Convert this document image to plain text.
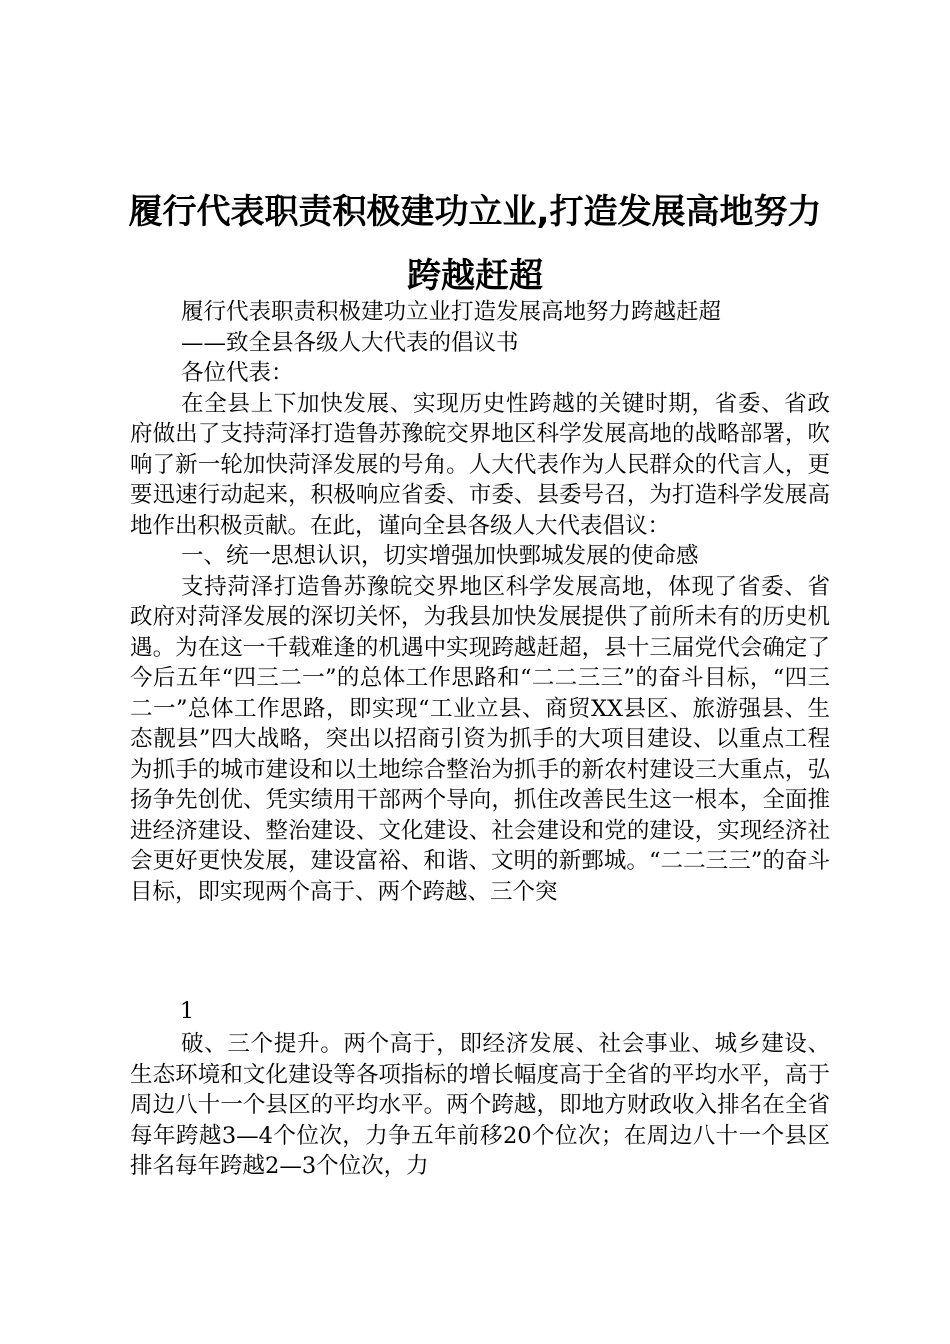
履行代表职责积极建功立业,打造发展高地努力跨越赶超
履行代表职责积极建功立业打造发展高地努力跨越赶超
——致全县各级人大代表的倡议书
各位代表：

在全县上下加快发展、实现历史性跨越的关键时期，省委、省政府做出了支持菏泽打造鲁苏豫皖交界地区科学发展高地的战略部署，吹响了新一轮加快菏泽发展的号角。人大代表作为人民群众的代言人，更要迅速行动起来，积极响应省委、市委、县委号召，为打造科学发展高地作出积极贡献。在此，谨向全县各级人大代表倡议：

一、统一思想认识，切实增强加快鄄城发展的使命感

支持菏泽打造鲁苏豫皖交界地区科学发展高地，体现了省委、省政府对菏泽发展的深切关怀，为我县加快发展提供了前所未有的历史机遇。为在这一千载难逢的机遇中实现跨越赶超，县十三届党代会确定了今后五年“四三二一”的总体工作思路和“二二三三”的奋斗目标，“四三二一”总体工作思路，即实现“工业立县、商贸XX县区、旅游强县、生态靓县”四大战略，突出以招商引资为抓手的大项目建设、以重点工程为抓手的城市建设和以土地综合整治为抓手的新农村建设三大重点，弘扬争先创优、凭实绩用干部两个导向，抓住改善民生这一根本，全面推进经济建设、整治建设、文化建设、社会建设和党的建设，实现经济社会更好更快发展，建设富裕、和谐、文明的新鄄城。“二二三三”的奋斗目标，即实现两个高于、两个跨越、三个突

1

破、三个提升。两个高于，即经济发展、社会事业、城乡建设、生态环境和文化建设等各项指标的增长幅度高于全省的平均水平，高于周边八十一个县区的平均水平。两个跨越，即地方财政收入排名在全省每年跨越3—4个位次，力争五年前移20个位次；在周边八十一个县区排名每年跨越2—3个位次，力
